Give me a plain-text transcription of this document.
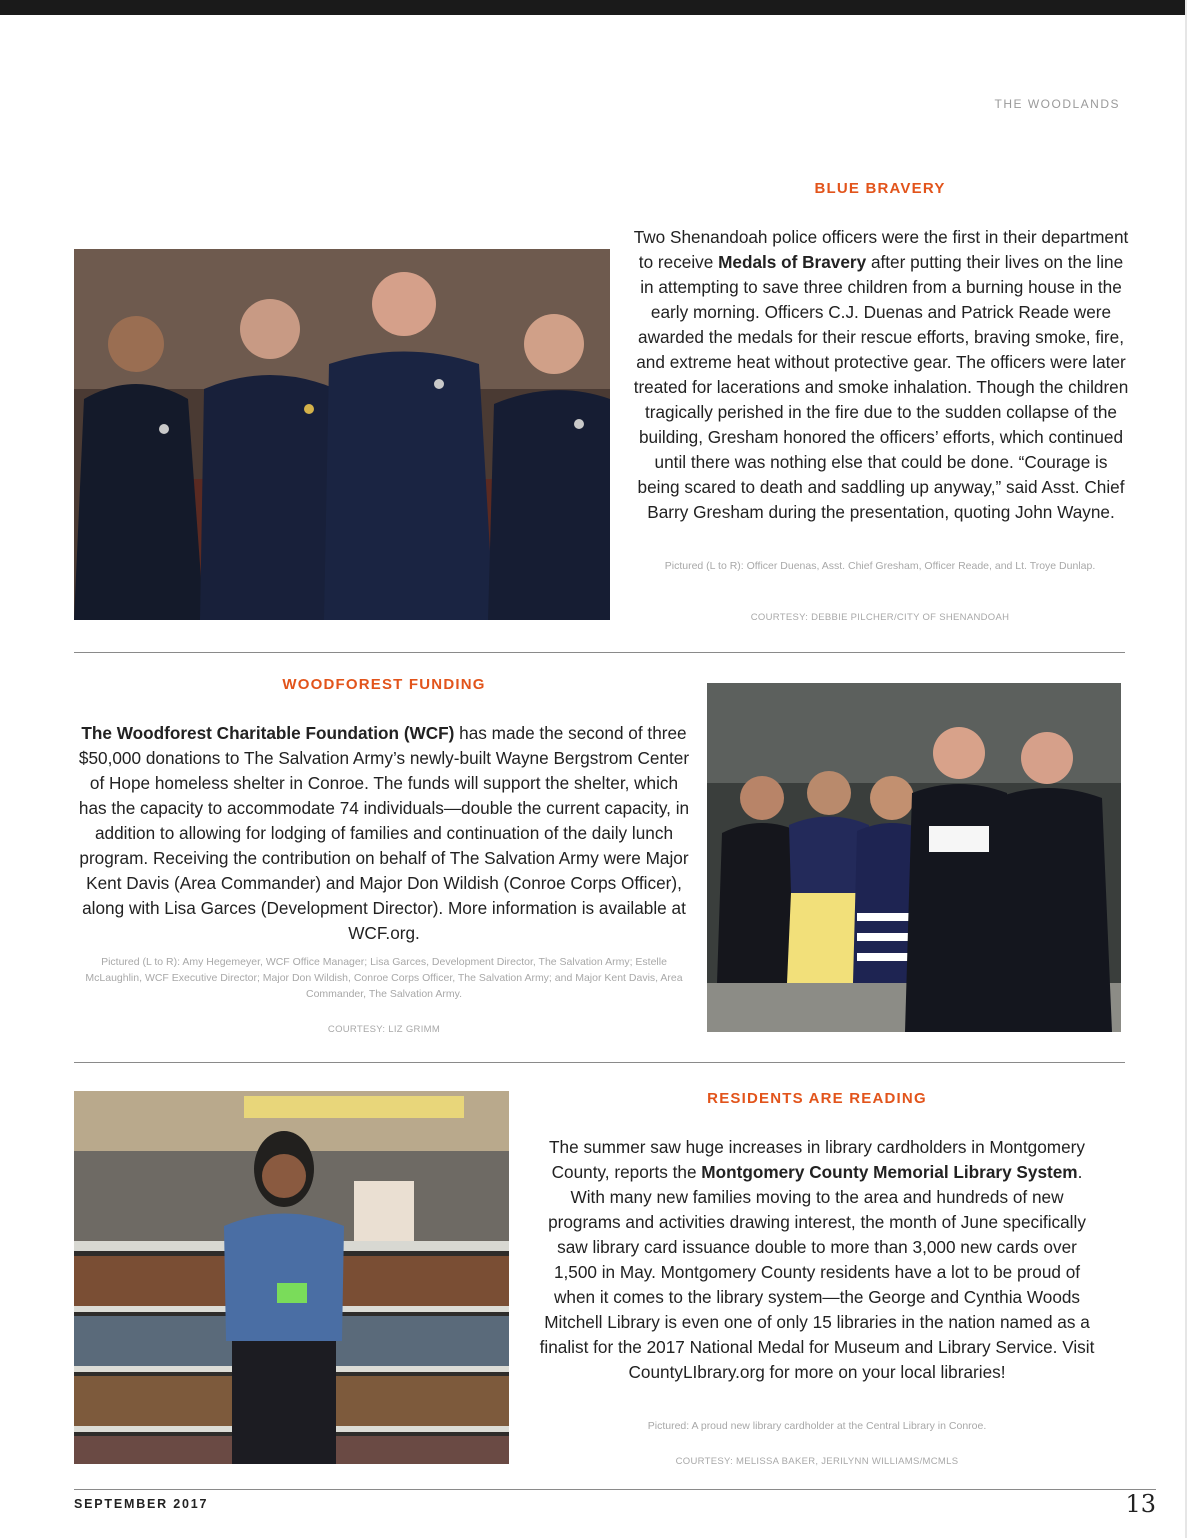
THE WOODLANDS
BLUE BRAVERY
Two Shenandoah police officers were the first in their department to receive Medals of Bravery after putting their lives on the line in attempting to save three children from a burning house in the early morning. Officers C.J. Duenas and Patrick Reade were awarded the medals for their rescue efforts, braving smoke, fire, and extreme heat without protective gear. The officers were later treated for lacerations and smoke inhalation. Though the children tragically perished in the fire due to the sudden collapse of the building, Gresham honored the officers’ efforts, which continued until there was nothing else that could be done. “Courage is being scared to death and saddling up anyway,” said Asst. Chief Barry Gresham during the presentation, quoting John Wayne.
Pictured (L to R): Officer Duenas, Asst. Chief Gresham, Officer Reade, and Lt. Troye Dunlap.
COURTESY: DEBBIE PILCHER/CITY OF SHENANDOAH
WOODFOREST FUNDING
The Woodforest Charitable Foundation (WCF) has made the second of three $50,000 donations to The Salvation Army’s newly-built Wayne Bergstrom Center of Hope homeless shelter in Conroe. The funds will support the shelter, which has the capacity to accommodate 74 individuals—double the current capacity, in addition to allowing for lodging of families and continuation of the daily lunch program. Receiving the contribution on behalf of The Salvation Army were Major Kent Davis (Area Commander) and Major Don Wildish (Conroe Corps Officer), along with Lisa Garces (Development Director). More information is available at WCF.org.
Pictured (L to R): Amy Hegemeyer, WCF Office Manager; Lisa Garces, Development Director, The Salvation Army; Estelle McLaughlin, WCF Executive Director; Major Don Wildish, Conroe Corps Officer, The Salvation Army; and Major Kent Davis, Area Commander, The Salvation Army.
COURTESY: LIZ GRIMM
RESIDENTS ARE READING
The summer saw huge increases in library cardholders in Montgomery County, reports the Montgomery County Memorial Library System. With many new families moving to the area and hundreds of new programs and activities drawing interest, the month of June specifically saw library card issuance double to more than 3,000 new cards over 1,500 in May. Montgomery County residents have a lot to be proud of when it comes to the library system—the George and Cynthia Woods Mitchell Library is even one of only 15 libraries in the nation named as a finalist for the 2017 National Medal for Museum and Library Service. Visit CountyLIbrary.org for more on your local libraries!
Pictured: A proud new library cardholder at the Central Library in Conroe.
COURTESY: MELISSA BAKER, JERILYNN WILLIAMS/MCMLS
SEPTEMBER 2017	13
